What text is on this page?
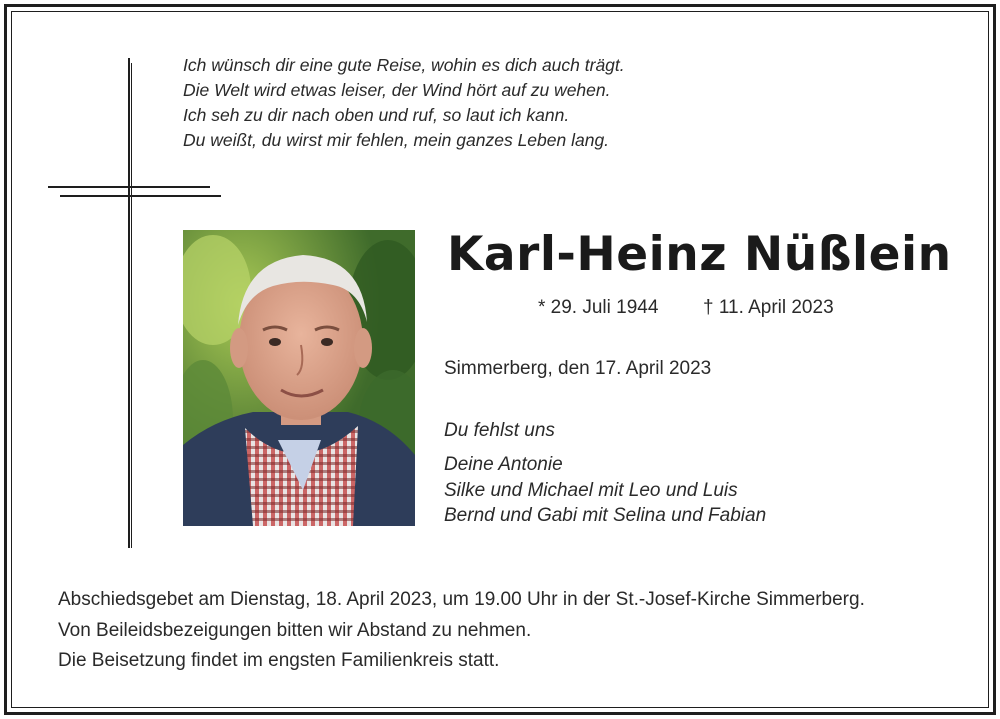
Ich wünsch dir eine gute Reise, wohin es dich auch trägt.
Die Welt wird etwas leiser, der Wind hört auf zu wehen.
Ich seh zu dir nach oben und ruf, so laut ich kann.
Du weißt, du wirst mir fehlen, mein ganzes Leben lang.
Karl-Heinz Nüßlein
* 29. Juli 1944 † 11. April 2023
Simmerberg, den 17. April 2023
Du fehlst uns
Deine Antonie
Silke und Michael mit Leo und Luis
Bernd und Gabi mit Selina und Fabian
Abschiedsgebet am Dienstag, 18. April 2023, um 19.00 Uhr in der St.-Josef-Kirche Simmerberg.
Von Beileidsbezeigungen bitten wir Abstand zu nehmen.
Die Beisetzung findet im engsten Familienkreis statt.
